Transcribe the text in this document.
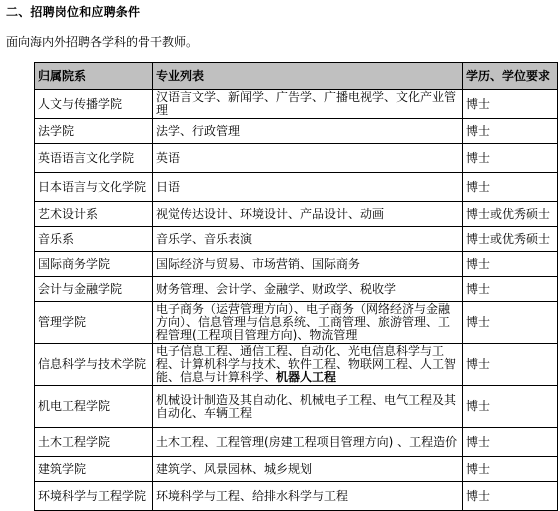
二、招聘岗位和应聘条件
面向海内外招聘各学科的骨干教师。
归属院系	专业列表	学历、学位要求
人文与传播学院	汉语言文学、新闻学、广告学、广播电视学、文化产业管理	博士
法学院	法学、行政管理	博士
英语语言文化学院	英语	博士
日本语言与文化学院	日语	博士
艺术设计系	视觉传达设计、环境设计、产品设计、动画	博士或优秀硕士
音乐系	音乐学、音乐表演	博士或优秀硕士
国际商务学院	国际经济与贸易、市场营销、国际商务	博士
会计与金融学院	财务管理、会计学、金融学、财政学、税收学	博士
管理学院	电子商务（运营管理方向）、电子商务（网络经济与金融方向）、信息管理与信息系统、工商管理、旅游管理、工程管理(工程项目管理方向)、物流管理	博士
信息科学与技术学院	电子信息工程、通信工程、自动化、光电信息科学与工程、计算机科学与技术、软件工程、物联网工程、人工智能、信息与计算科学、机器人工程	博士
机电工程学院	机械设计制造及其自动化、机械电子工程、电气工程及其自动化、车辆工程	博士
土木工程学院	土木工程、工程管理(房建工程项目管理方向) 、工程造价	博士
建筑学院	建筑学、风景园林、城乡规划	博士
环境科学与工程学院	环境科学与工程、给排水科学与工程	博士
